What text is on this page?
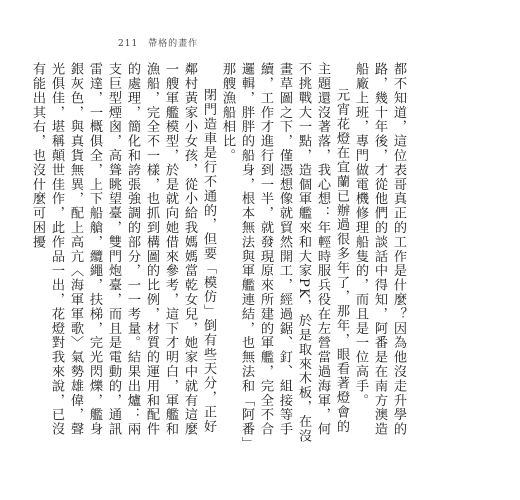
211 帶格的畫作

都不知道，這位表哥真正的工作是什麼？因為他沒走升學的路，幾十年後，才從他們的談話中得知，阿番是在南方澳造船廠上班，專門做電機修理船隻的，而且是一位高手。

元宵花燈在宜蘭已辦過很多年了，那年，眼看著燈會的主題還沒著落，我心想：年輕時服兵役在左營當過海軍，何不挑戰大一點，造個軍艦來和大家PK，於是取來木板，在沒畫草圖之下，僅憑想像就貿然開工，經過鋸、釘、組接等手續，工作才進行到一半，就發現原來所建的軍艦，完全不合邏輯，胖胖的船身，根本無法與軍艦連結，也無法和「阿番」那艘漁船相比。

閉門造車是行不通的，但要「模仿」倒有些天分，正好鄰村黃家小女孩，從小給我媽媽當乾女兒，她家中就有這麼一艘軍艦模型，於是就向她借來參考，這下才明白，軍艦和漁船，完全不一樣，也抓到構圖的比例，材質的運用和配件的處理，簡化和誇張強調的部分，一一考量。結果出爐：兩支巨型煙囪，高聳眺望臺，雙門炮臺，而且是電動的，通訊雷達，一概俱全，上下船艙，纜繩，扶梯，完光閃爍，艦身銀灰色，與真貨無異，配上高亢〈海軍軍歌〉氣勢雄偉，聲光俱佳，堪稱顛世佳作，此作品一出，花燈對我來說，已沒有能出其右，也沒什麼可困擾
